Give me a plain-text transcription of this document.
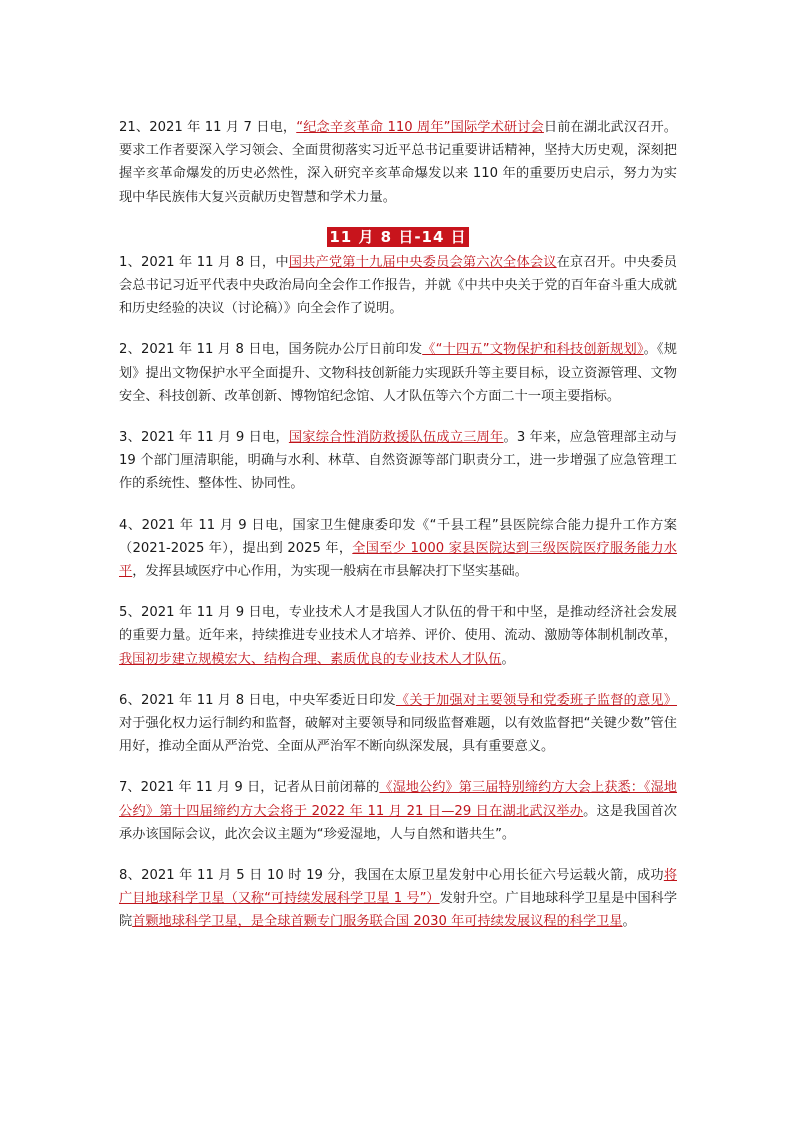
21、2021 年 11 月 7 日电，“纪念辛亥革命 110 周年”国际学术研讨会日前在湖北武汉召开。要求工作者要深入学习领会、全面贯彻落实习近平总书记重要讲话精神，坚持大历史观，深刻把握辛亥革命爆发的历史必然性，深入研究辛亥革命爆发以来 110 年的重要历史启示，努力为实现中华民族伟大复兴贡献历史智慧和学术力量。

11 月 8 日-14 日

1、2021 年 11 月 8 日，中国共产党第十九届中央委员会第六次全体会议在京召开。中央委员会总书记习近平代表中央政治局向全会作工作报告，并就《中共中央关于党的百年奋斗重大成就和历史经验的决议（讨论稿）》向全会作了说明。

2、2021 年 11 月 8 日电，国务院办公厅日前印发《“十四五”文物保护和科技创新规划》。《规划》提出文物保护水平全面提升、文物科技创新能力实现跃升等主要目标，设立资源管理、文物安全、科技创新、改革创新、博物馆纪念馆、人才队伍等六个方面二十一项主要指标。

3、2021 年 11 月 9 日电，国家综合性消防救援队伍成立三周年。3 年来，应急管理部主动与 19 个部门厘清职能，明确与水利、林草、自然资源等部门职责分工，进一步增强了应急管理工作的系统性、整体性、协同性。

4、2021 年 11 月 9 日电，国家卫生健康委印发《“千县工程”县医院综合能力提升工作方案（2021-2025 年），提出到 2025 年，全国至少 1000 家县医院达到三级医院医疗服务能力水平，发挥县域医疗中心作用，为实现一般病在市县解决打下坚实基础。

5、2021 年 11 月 9 日电，专业技术人才是我国人才队伍的骨干和中坚，是推动经济社会发展的重要力量。近年来，持续推进专业技术人才培养、评价、使用、流动、激励等体制机制改革，我国初步建立规模宏大、结构合理、素质优良的专业技术人才队伍。

6、2021 年 11 月 8 日电，中央军委近日印发《关于加强对主要领导和党委班子监督的意见》对于强化权力运行制约和监督，破解对主要领导和同级监督难题，以有效监督把“关键少数”管住用好，推动全面从严治党、全面从严治军不断向纵深发展，具有重要意义。

7、2021 年 11 月 9 日，记者从日前闭幕的《湿地公约》第三届特别缔约方大会上获悉：《湿地公约》第十四届缔约方大会将于 2022 年 11 月 21 日—29 日在湖北武汉举办。这是我国首次承办该国际会议，此次会议主题为“珍爱湿地，人与自然和谐共生”。

8、2021 年 11 月 5 日 10 时 19 分，我国在太原卫星发射中心用长征六号运载火箭，成功将广目地球科学卫星（又称“可持续发展科学卫星 1 号”）发射升空。广目地球科学卫星是中国科学院首颗地球科学卫星，是全球首颗专门服务联合国 2030 年可持续发展议程的科学卫星。
